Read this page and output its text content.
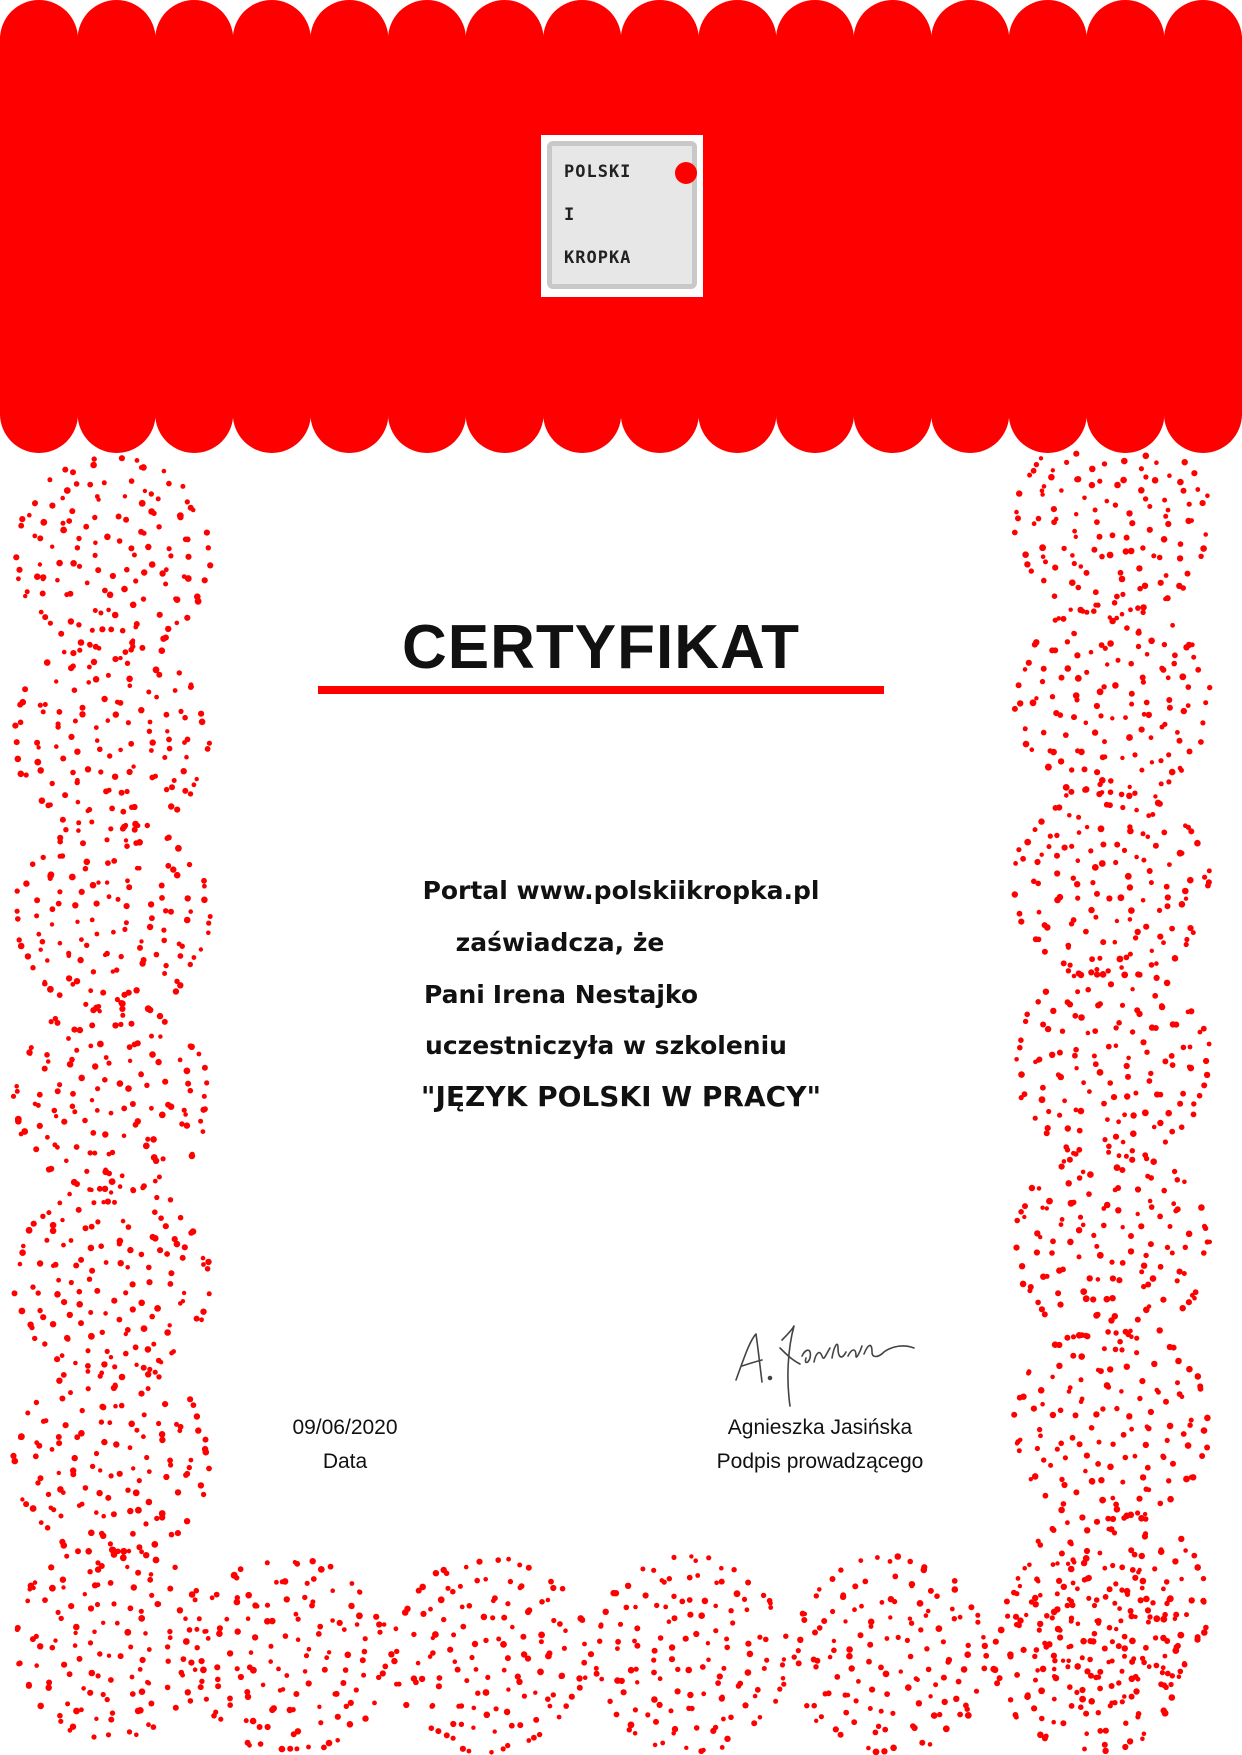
POLSKI
I
KROPKA
CERTYFIKAT
Portal www.polskiikropka.pl
zaświadcza, że
Pani Irena Nestajko
uczestniczyła w szkoleniu
"JĘZYK POLSKI W PRACY"
09/06/2020
Data
Agnieszka Jasińska
Podpis prowadzącego
